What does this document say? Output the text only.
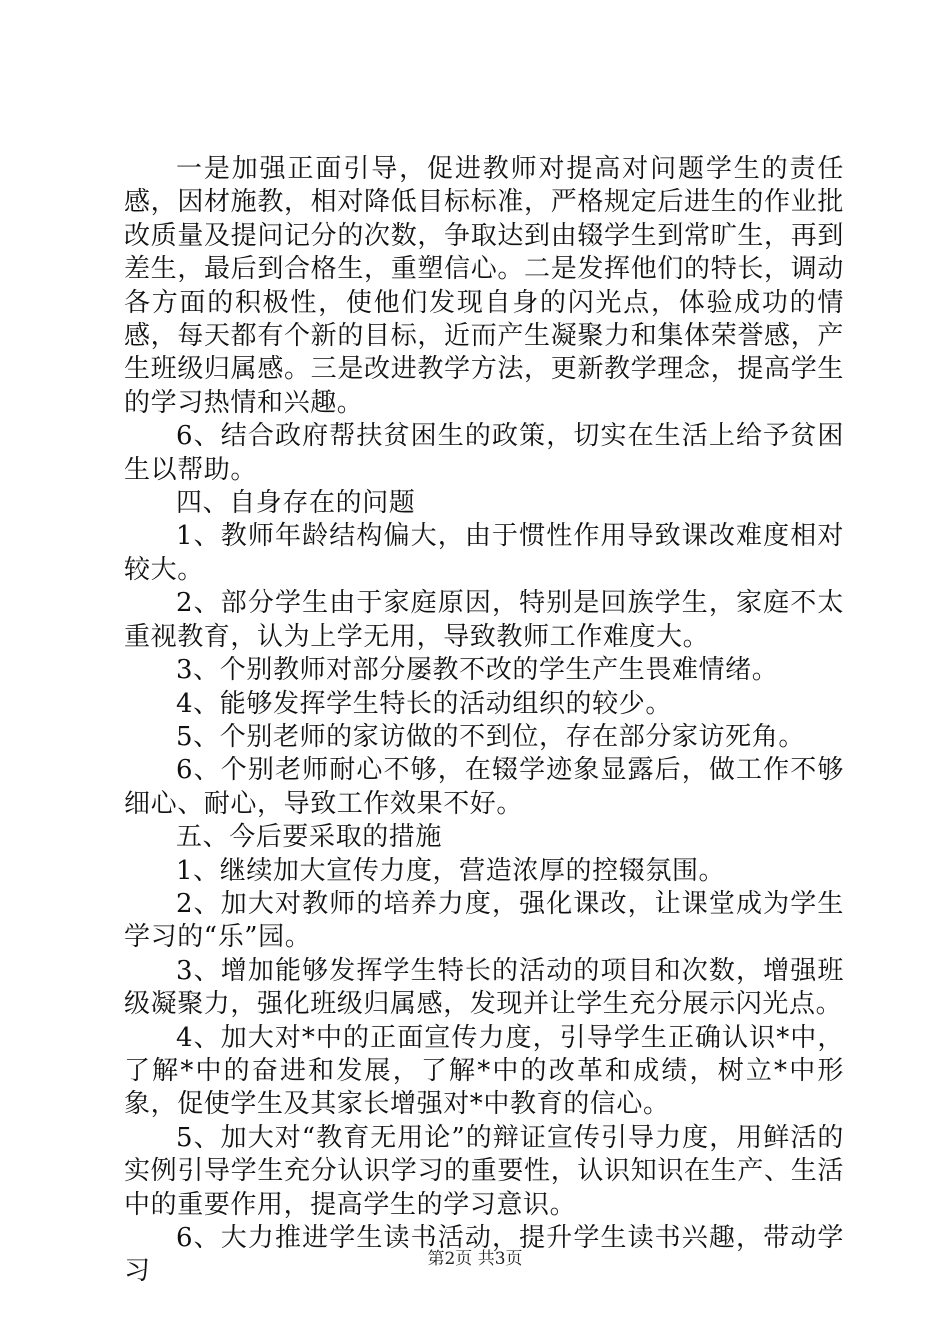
一是加强正面引导，促进教师对提高对问题学生的责任感，因材施教，相对降低目标标准，严格规定后进生的作业批改质量及提问记分的次数，争取达到由辍学生到常旷生，再到差生，最后到合格生，重塑信心。二是发挥他们的特长，调动各方面的积极性，使他们发现自身的闪光点，体验成功的情感，每天都有个新的目标，近而产生凝聚力和集体荣誉感，产生班级归属感。三是改进教学方法，更新教学理念，提高学生的学习热情和兴趣。

6、结合政府帮扶贫困生的政策，切实在生活上给予贫困生以帮助。

四、自身存在的问题

1、教师年龄结构偏大，由于惯性作用导致课改难度相对较大。

2、部分学生由于家庭原因，特别是回族学生，家庭不太重视教育，认为上学无用，导致教师工作难度大。

3、个别教师对部分屡教不改的学生产生畏难情绪。

4、能够发挥学生特长的活动组织的较少。

5、个别老师的家访做的不到位，存在部分家访死角。

6、个别老师耐心不够，在辍学迹象显露后，做工作不够细心、耐心，导致工作效果不好。

五、今后要采取的措施

1、继续加大宣传力度，营造浓厚的控辍氛围。

2、加大对教师的培养力度，强化课改，让课堂成为学生学习的“乐”园。

3、增加能够发挥学生特长的活动的项目和次数，增强班级凝聚力，强化班级归属感，发现并让学生充分展示闪光点。

4、加大对*中的正面宣传力度，引导学生正确认识*中，了解*中的奋进和发展，了解*中的改革和成绩，树立*中形象，促使学生及其家长增强对*中教育的信心。

5、加大对“教育无用论”的辩证宣传引导力度，用鲜活的实例引导学生充分认识学习的重要性，认识知识在生产、生活中的重要作用，提高学生的学习意识。

6、大力推进学生读书活动，提升学生读书兴趣，带动学习	第2页 共3页
